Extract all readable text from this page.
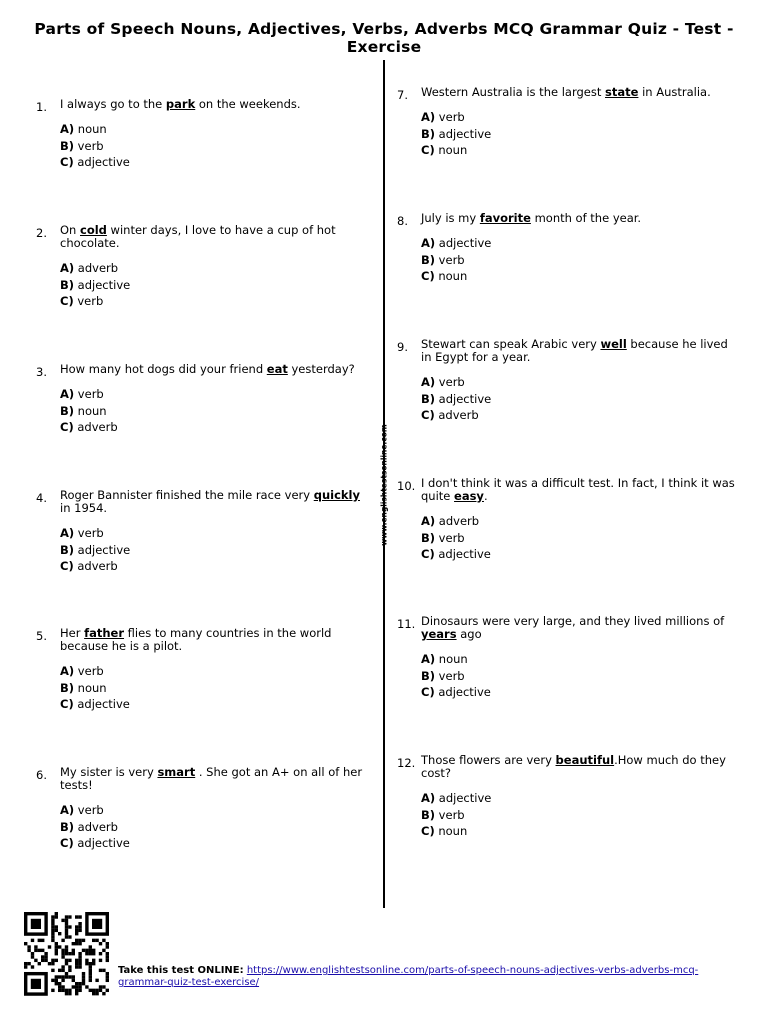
Parts of Speech Nouns, Adjectives, Verbs, Adverbs MCQ Grammar Quiz - Test - Exercise
www.englishtestsonline.com
1. I always go to the park on the weekends.

A) noun
B) verb
C) adjective
2. On cold winter days, I love to have a cup of hot chocolate.

A) adverb
B) adjective
C) verb
3. How many hot dogs did your friend eat yesterday?

A) verb
B) noun
C) adverb
4. Roger Bannister finished the mile race very quickly in 1954.

A) verb
B) adjective
C) adverb
5. Her father flies to many countries in the world because he is a pilot.

A) verb
B) noun
C) adjective
6. My sister is very smart . She got an A+ on all of her tests!

A) verb
B) adverb
C) adjective
7. Western Australia is the largest state in Australia.

A) verb
B) adjective
C) noun
8. July is my favorite month of the year.

A) adjective
B) verb
C) noun
9. Stewart can speak Arabic very well because he lived in Egypt for a year.

A) verb
B) adjective
C) adverb
10. I don't think it was a difficult test. In fact, I think it was quite easy.

A) adverb
B) verb
C) adjective
11. Dinosaurs were very large, and they lived millions of years ago

A) noun
B) verb
C) adjective
12. Those flowers are very beautiful.How much do they cost?

A) adjective
B) verb
C) noun
Take this test ONLINE: https://www.englishtestsonline.com/parts-of-speech-nouns-adjectives-verbs-adverbs-mcq-grammar-quiz-test-exercise/
